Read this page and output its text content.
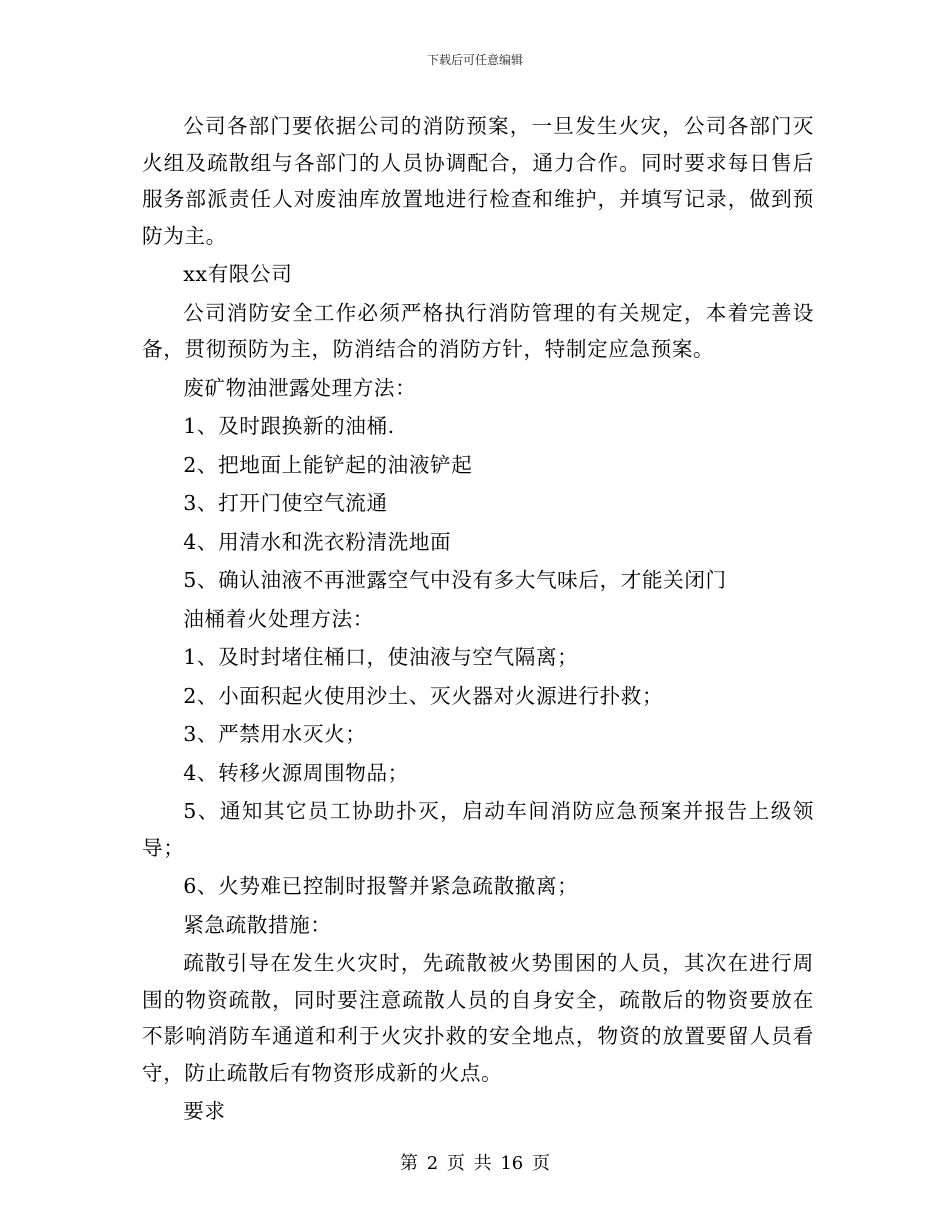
下载后可任意编辑

公司各部门要依据公司的消防预案，一旦发生火灾，公司各部门灭火组及疏散组与各部门的人员协调配合，通力合作。同时要求每日售后服务部派责任人对废油库放置地进行检查和维护，并填写记录，做到预防为主。

xx有限公司

公司消防安全工作必须严格执行消防管理的有关规定，本着完善设备，贯彻预防为主，防消结合的消防方针，特制定应急预案。

废矿物油泄露处理方法：

1、及时跟换新的油桶.

2、把地面上能铲起的油液铲起

3、打开门使空气流通

4、用清水和洗衣粉清洗地面

5、确认油液不再泄露空气中没有多大气味后，才能关闭门

油桶着火处理方法：

1、及时封堵住桶口，使油液与空气隔离；

2、小面积起火使用沙土、灭火器对火源进行扑救；

3、严禁用水灭火；

4、转移火源周围物品；

5、通知其它员工协助扑灭，启动车间消防应急预案并报告上级领导；

6、火势难已控制时报警并紧急疏散撤离；

紧急疏散措施：

疏散引导在发生火灾时，先疏散被火势围困的人员，其次在进行周围的物资疏散，同时要注意疏散人员的自身安全，疏散后的物资要放在不影响消防车通道和利于火灾扑救的安全地点，物资的放置要留人员看守，防止疏散后有物资形成新的火点。

要求

第 2 页 共 16 页
